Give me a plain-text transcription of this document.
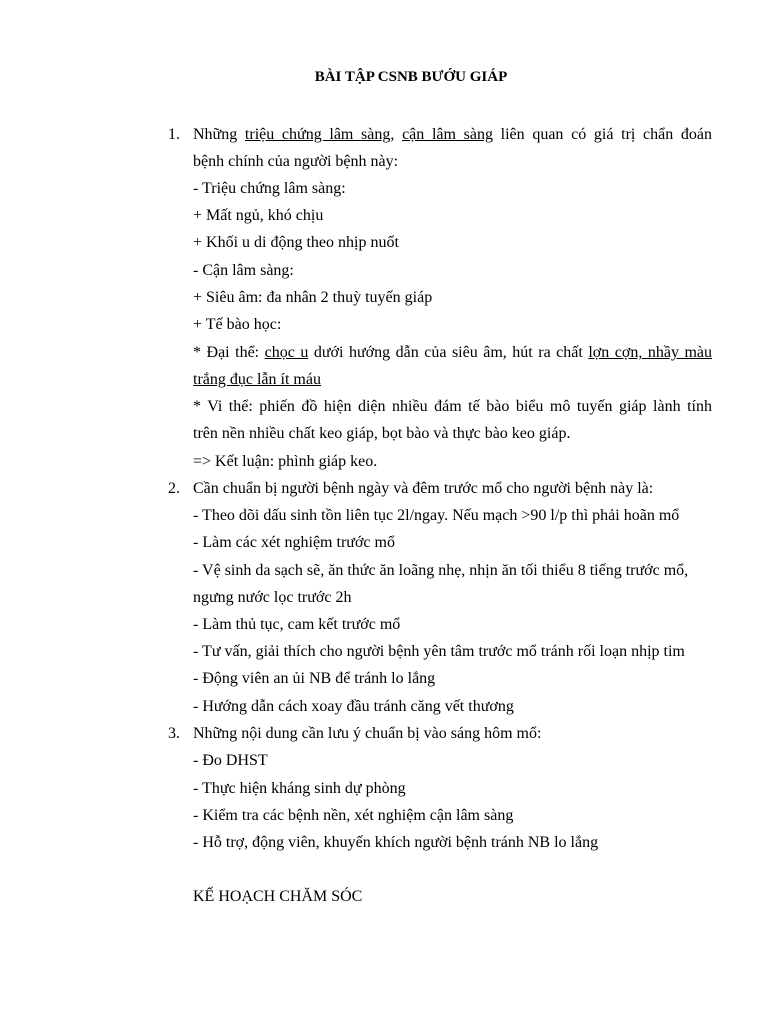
BÀI TẬP CSNB BƯỚU GIÁP
1. Những triệu chứng lâm sàng, cận lâm sàng liên quan có giá trị chẩn đoán
bệnh chính của người bệnh này:
- Triệu chứng lâm sàng:
+ Mất ngủ, khó chịu
+ Khối u di động theo nhịp nuốt
- Cận lâm sàng:
+ Siêu âm: đa nhân 2 thuỳ tuyến giáp
+ Tế bào học:
* Đại thể: chọc u dưới hướng dẫn của siêu âm, hút ra chất lợn cợn, nhầy màu
trắng đục lẫn ít máu
* Vi thể: phiến đồ hiện diện nhiều đám tế bào biểu mô tuyến giáp lành tính
trên nền nhiều chất keo giáp, bọt bào và thực bào keo giáp.
=> Kết luận: phình giáp keo.
2. Cần chuẩn bị người bệnh ngày và đêm trước mổ cho người bệnh này là:
- Theo dõi dấu sinh tồn liên tục 2l/ngay. Nếu mạch >90 l/p thì phải hoãn mổ
- Làm các xét nghiệm trước mổ
- Vệ sinh da sạch sẽ, ăn thức ăn loãng nhẹ, nhịn ăn tối thiểu 8 tiếng trước mổ,
ngưng nước lọc trước 2h
- Làm thủ tục, cam kết trước mổ
- Tư vấn, giải thích cho người bệnh yên tâm trước mổ tránh rối loạn nhịp tim
- Động viên an ủi NB để tránh lo lắng
- Hướng dẫn cách xoay đầu tránh căng vết thương
3. Những nội dung cần lưu ý chuẩn bị vào sáng hôm mổ:
- Đo DHST
- Thực hiện kháng sinh dự phòng
- Kiểm tra các bệnh nền, xét nghiệm cận lâm sàng
- Hỗ trợ, động viên, khuyến khích người bệnh tránh NB lo lắng
KẾ HOẠCH CHĂM SÓC
